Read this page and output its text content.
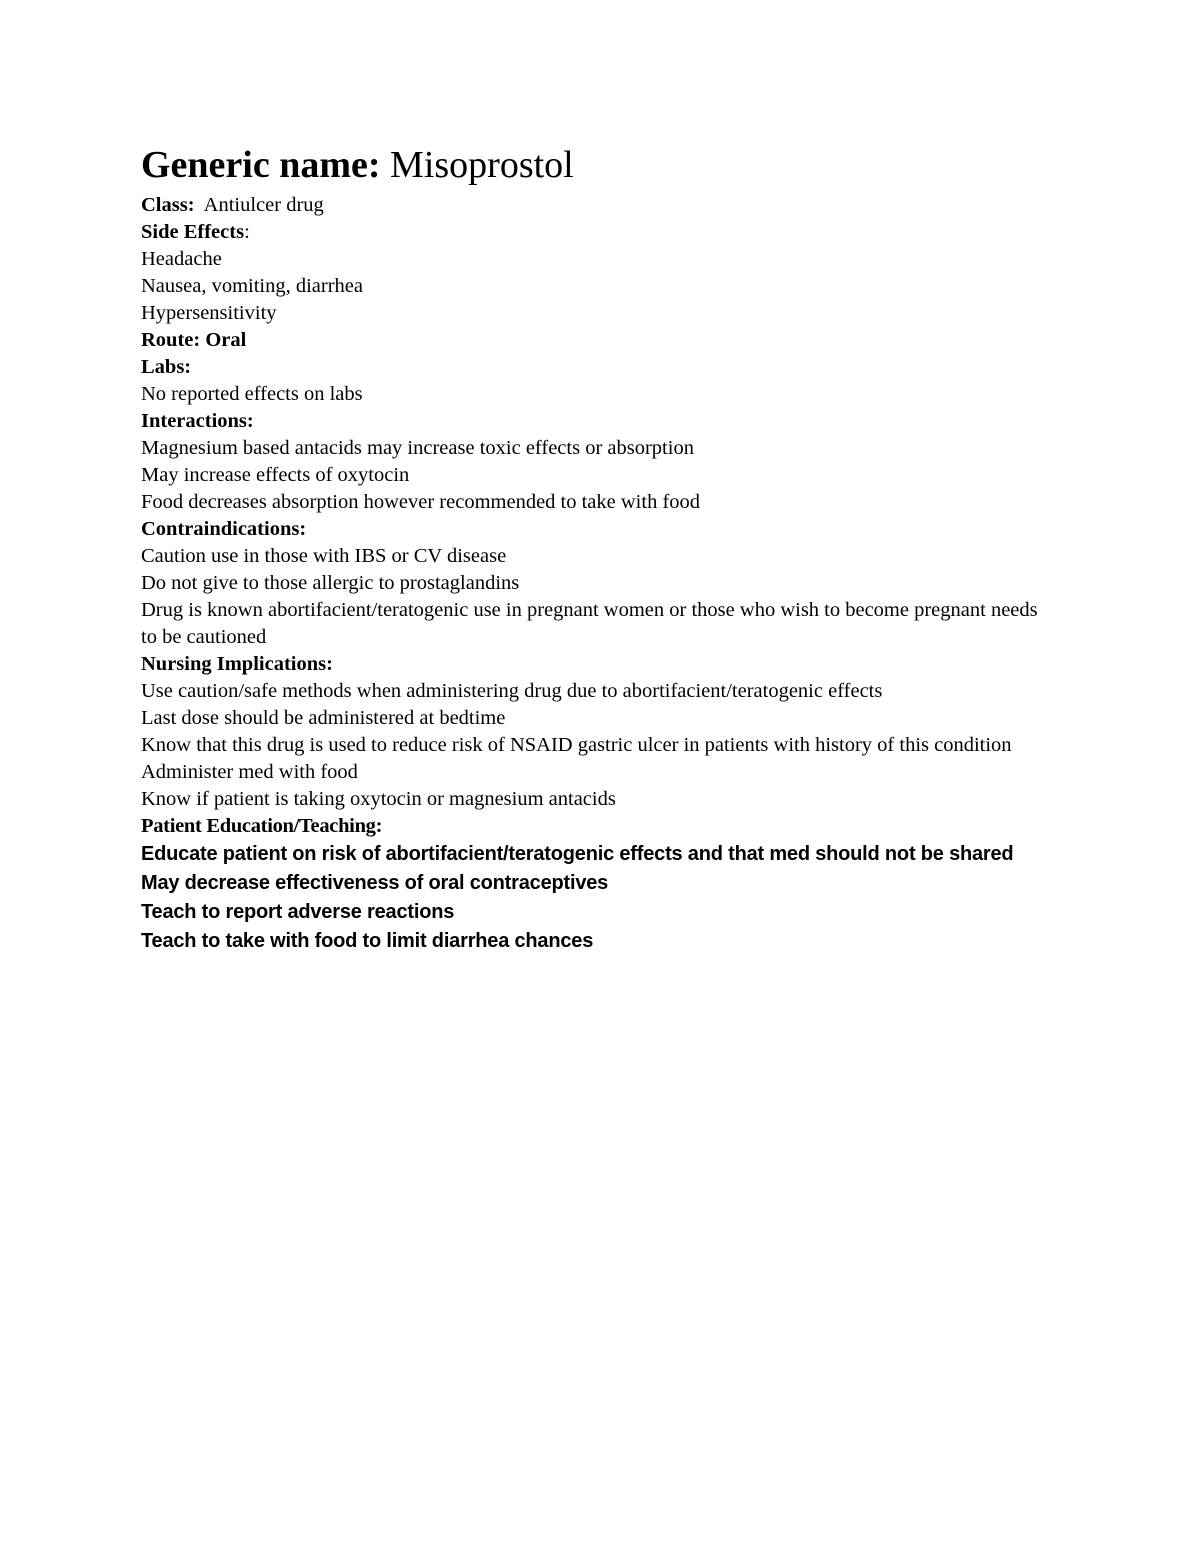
Generic name: Misoprostol

Class:  Antiulcer drug

Side Effects:

Headache

Nausea, vomiting, diarrhea

Hypersensitivity

Route: Oral

Labs:

No reported effects on labs

Interactions:

Magnesium based antacids may increase toxic effects or absorption

May increase effects of oxytocin

Food decreases absorption however recommended to take with food

Contraindications:

Caution use in those with IBS or CV disease

Do not give to those allergic to prostaglandins

Drug is known abortifacient/teratogenic use in pregnant women or those who wish to become pregnant needs to be cautioned

Nursing Implications:

Use caution/safe methods when administering drug due to abortifacient/teratogenic effects

Last dose should be administered at bedtime

Know that this drug is used to reduce risk of NSAID gastric ulcer in patients with history of this condition

Administer med with food

Know if patient is taking oxytocin or magnesium antacids

Patient Education/Teaching:

Educate patient on risk of abortifacient/teratogenic effects and that med should not be shared

May decrease effectiveness of oral contraceptives

Teach to report adverse reactions

Teach to take with food to limit diarrhea chances
